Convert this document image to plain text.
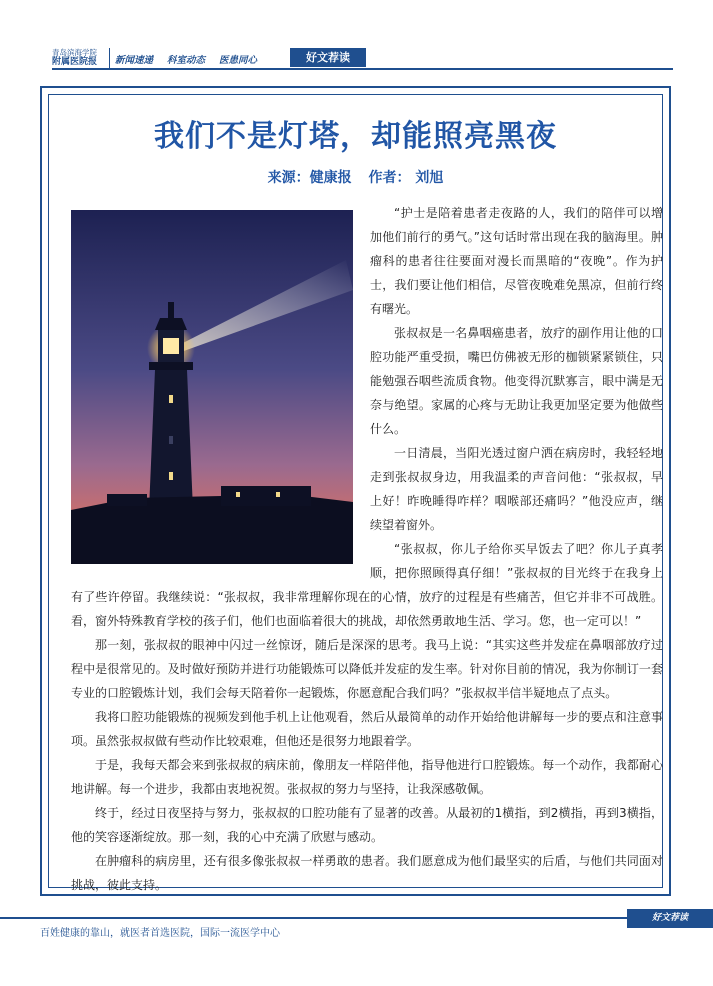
青岛滨海学院
附属医院报	新闻速递 科室动态 医患同心	好文荐读
我们不是灯塔，却能照亮黑夜
来源：健康报 作者： 刘旭

“护士是陪着患者走夜路的人，我们的陪伴可以增加他们前行的勇气。”这句话时常出现在我的脑海里。肿瘤科的患者往往要面对漫长而黑暗的“夜晚”。作为护士，我们要让他们相信，尽管夜晚难免黑凉，但前行终有曙光。

张叔叔是一名鼻咽癌患者，放疗的副作用让他的口腔功能严重受损，嘴巴仿佛被无形的枷锁紧紧锁住，只能勉强吞咽些流质食物。他变得沉默寡言，眼中满是无奈与绝望。家属的心疼与无助让我更加坚定要为他做些什么。

一日清晨，当阳光透过窗户洒在病房时，我轻轻地走到张叔叔身边，用我温柔的声音问他：“张叔叔，早上好！昨晚睡得咋样？咽喉部还痛吗？”他没应声，继续望着窗外。

“张叔叔，你儿子给你买早饭去了吧？你儿子真孝顺，把你照顾得真仔细！”张叔叔的目光终于在我身上有了些许停留。我继续说：“张叔叔，我非常理解你现在的心情，放疗的过程是有些痛苦，但它并非不可战胜。看，窗外特殊教育学校的孩子们，他们也面临着很大的挑战，却依然勇敢地生活、学习。您，也一定可以！”

那一刻，张叔叔的眼神中闪过一丝惊讶，随后是深深的思考。我马上说：“其实这些并发症在鼻咽部放疗过程中是很常见的。及时做好预防并进行功能锻炼可以降低并发症的发生率。针对你目前的情况，我为你制订一套专业的口腔锻炼计划，我们会每天陪着你一起锻炼，你愿意配合我们吗？”张叔叔半信半疑地点了点头。

我将口腔功能锻炼的视频发到他手机上让他观看，然后从最简单的动作开始给他讲解每一步的要点和注意事项。虽然张叔叔做有些动作比较艰难，但他还是很努力地跟着学。

于是，我每天都会来到张叔叔的病床前，像朋友一样陪伴他，指导他进行口腔锻炼。每一个动作，我都耐心地讲解。每一个进步，我都由衷地祝贺。张叔叔的努力与坚持，让我深感敬佩。

终于，经过日夜坚持与努力，张叔叔的口腔功能有了显著的改善。从最初的1横指，到2横指，再到3横指，他的笑容逐渐绽放。那一刻，我的心中充满了欣慰与感动。

在肿瘤科的病房里，还有很多像张叔叔一样勇敢的患者。我们愿意成为他们最坚实的后盾，与他们共同面对挑战，彼此支持。

好文荐读
百姓健康的靠山，就医者首选医院，国际一流医学中心
